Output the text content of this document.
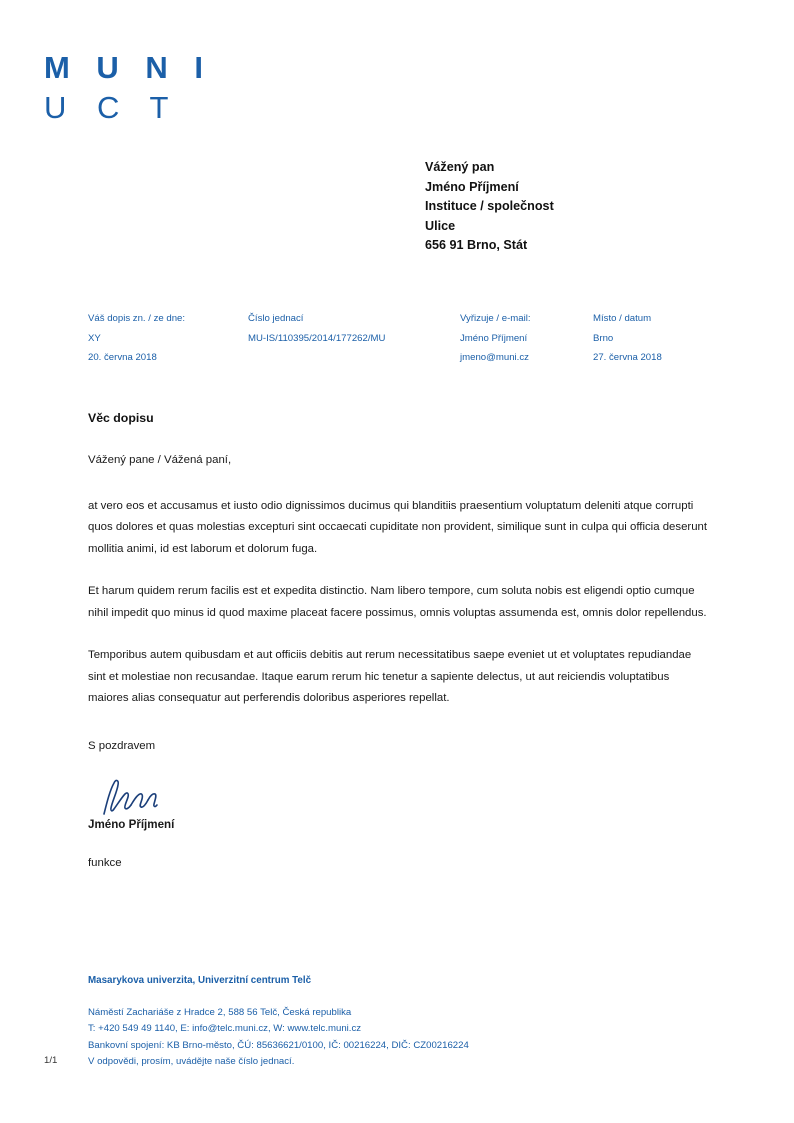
M U N I
U C T
Vážený pan
Jméno Příjmení
Instituce / společnost
Ulice
656 91 Brno, Stát
Váš dopis zn. / ze dne:
XY
20. června 2018
Číslo jednací
MU-IS/110395/2014/177262/MU
Vyřizuje / e-mail:
Jméno Příjmení
jmeno@muni.cz
Místo / datum
Brno
27. června 2018
Věc dopisu

Vážený pane / Vážená paní,

at vero eos et accusamus et iusto odio dignissimos ducimus qui blanditiis praesentium voluptatum deleniti atque corrupti quos dolores et quas molestias excepturi sint occaecati cupiditate non provident, similique sunt in culpa qui officia deserunt mollitia animi, id est laborum et dolorum fuga.

Et harum quidem rerum facilis est et expedita distinctio. Nam libero tempore, cum soluta nobis est eligendi optio cumque nihil impedit quo minus id quod maxime placeat facere possimus, omnis voluptas assumenda est, omnis dolor repellendus.

Temporibus autem quibusdam et aut officiis debitis aut rerum necessitatibus saepe eveniet ut et voluptates repudiandae sint et molestiae non recusandae. Itaque earum rerum hic tenetur a sapiente delectus, ut aut reiciendis voluptatibus maiores alias consequatur aut perferendis doloribus asperiores repellat.

S pozdravem

Jméno Příjmení

funkce

Masarykova univerzita, Univerzitní centrum Telč
Náměstí Zachariáše z Hradce 2, 588 56 Telč, Česká republika
T: +420 549 49 1140, E: info@telc.muni.cz, W: www.telc.muni.cz
Bankovní spojení: KB Brno-město, ČÚ: 85636621/0100, IČ: 00216224, DIČ: CZ00216224
V odpovědi, prosím, uvádějte naše číslo jednací.
1/1
